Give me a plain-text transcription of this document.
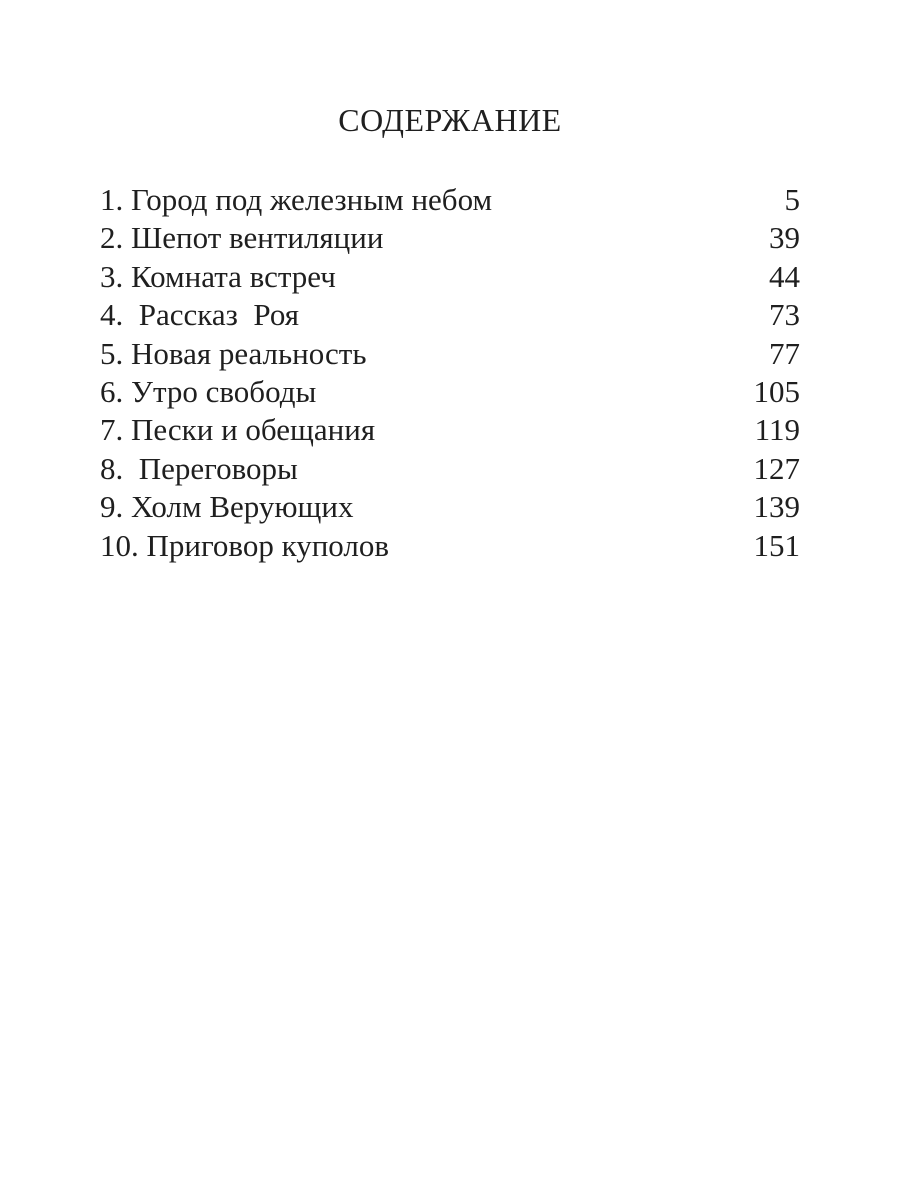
СОДЕРЖАНИЕ
1. Город под железным небом	5
2. Шепот вентиляции	39
3. Комната встреч	44
4.  Рассказ  Роя	73
5. Новая реальность	77
6. Утро свободы	105
7. Пески и обещания	119
8.  Переговоры	127
9. Холм Верующих	139
10. Приговор куполов	151
